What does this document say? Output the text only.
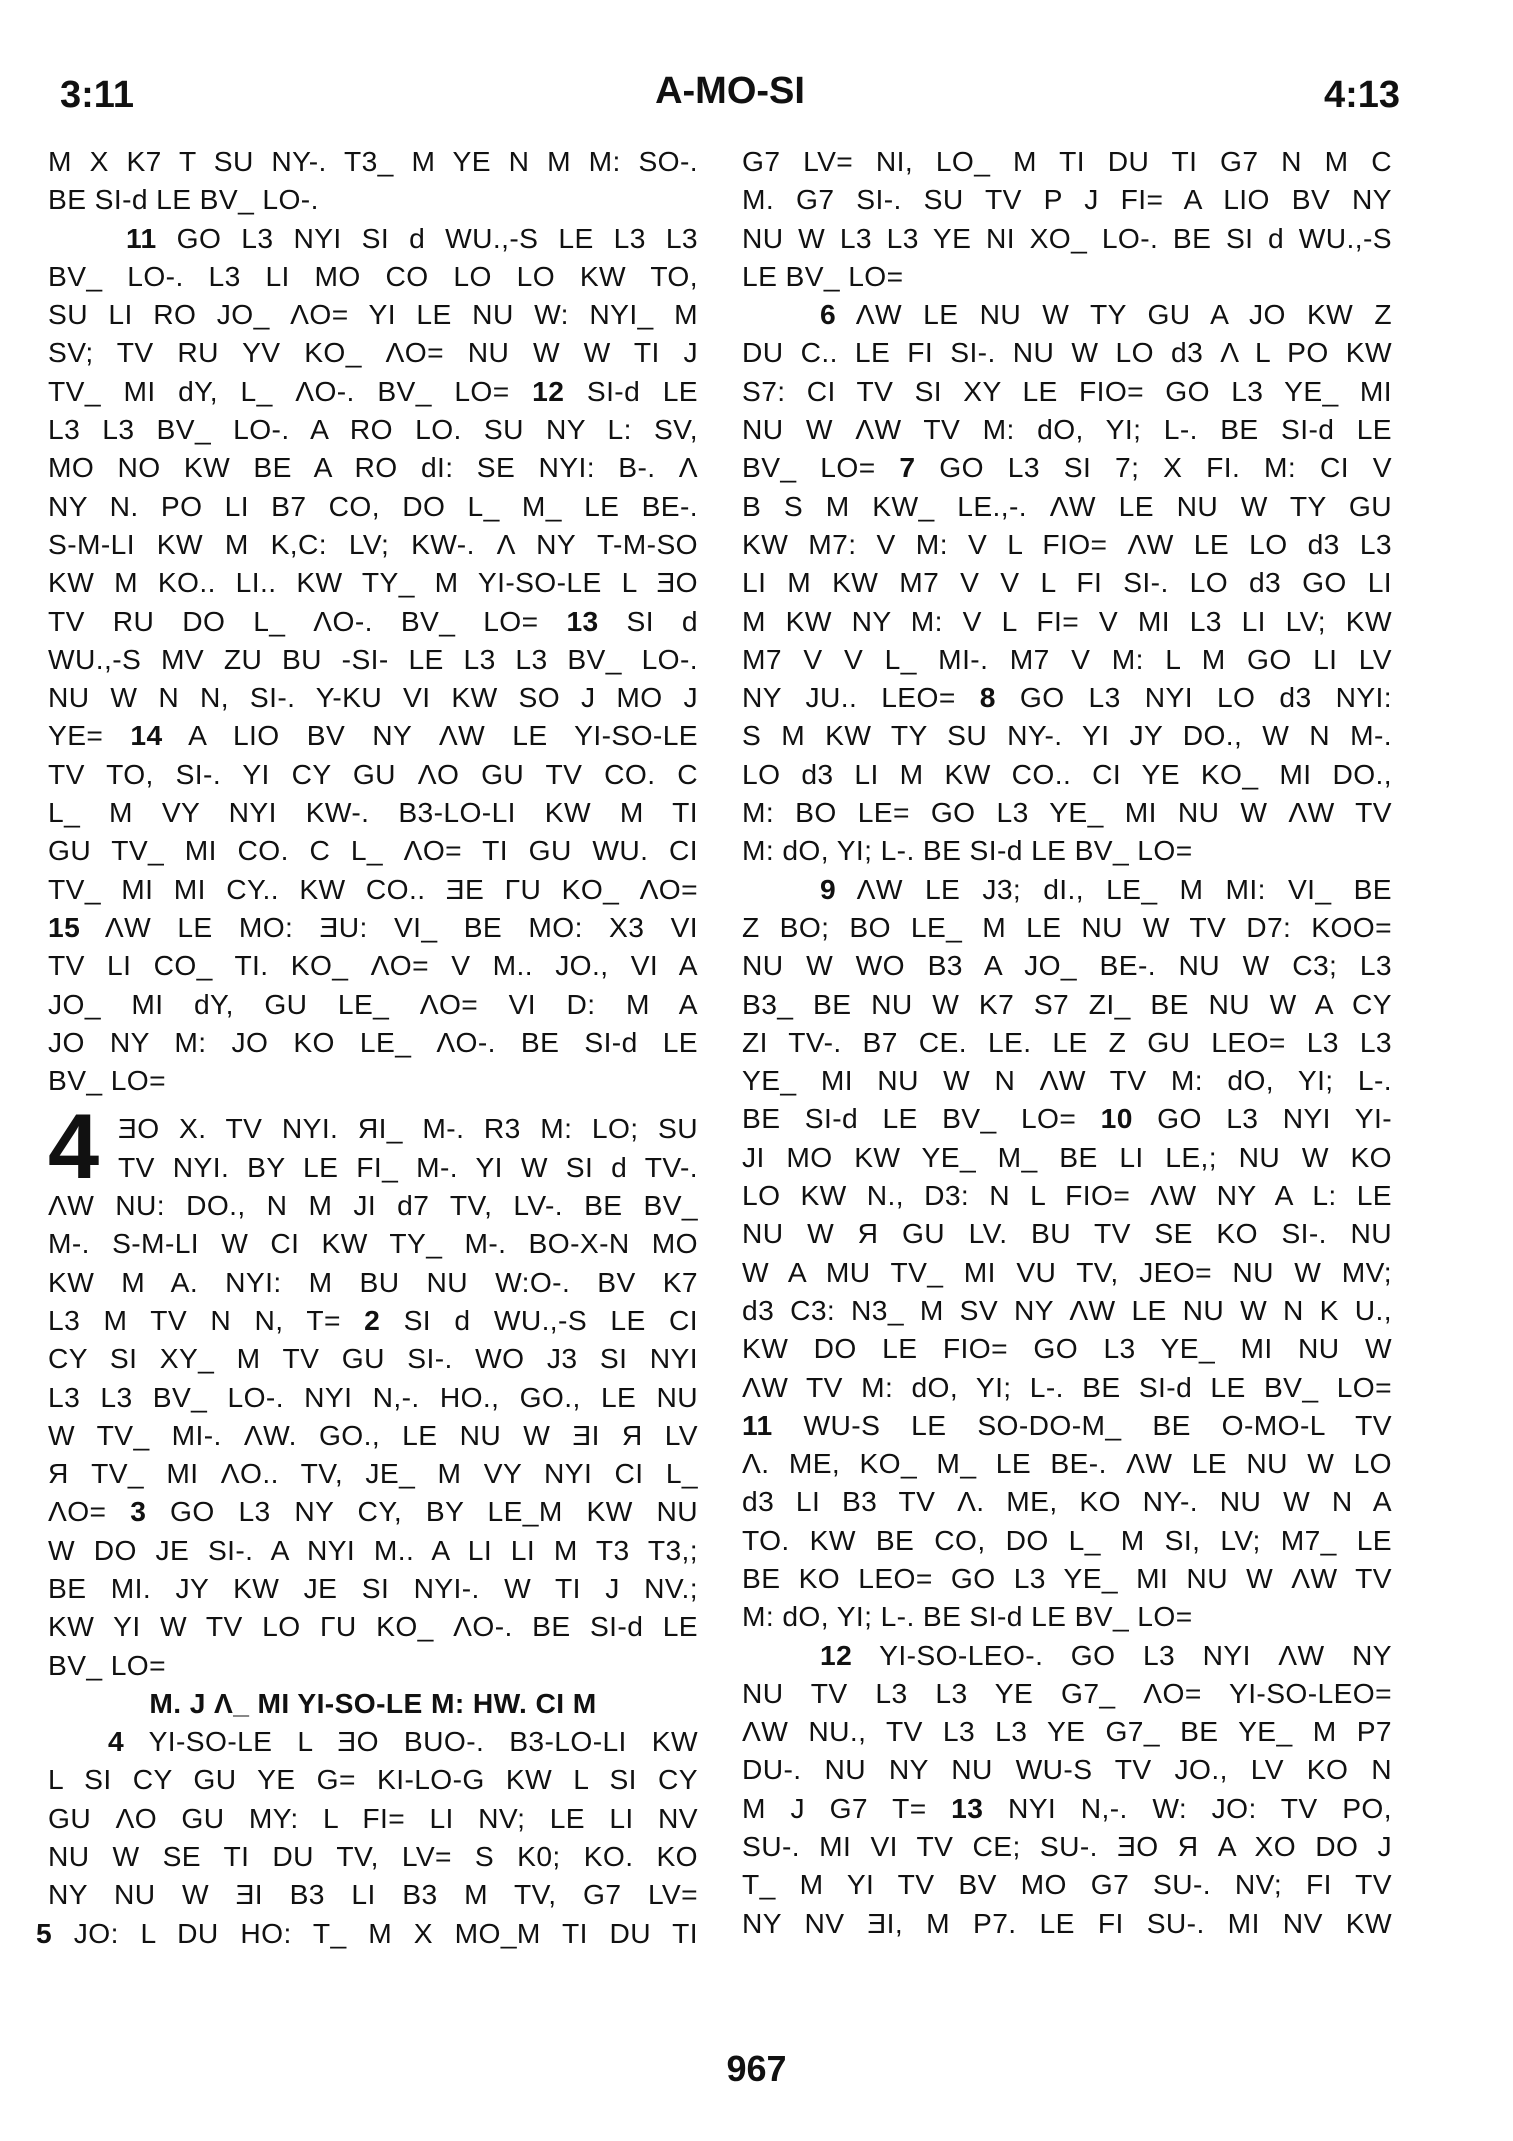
3:11	A-MO-SI	4:13
M X K7 T SU NY-. T3_ M YE N M M: SO-.
BE SI-d LE BV_ LO-.
11 GO L3 NYI SI d WU.,-S LE L3 L3
BV_ LO-. L3 LI MO CO LO LO KW TO,
SU LI RO JO_ ΛO= YI LE NU W: NYI_ M
SV; TV RU YV KO_ ΛO= NU W W TI J
TV_ MI dY, L_ ΛO-. BV_ LO= 12 SI-d LE
L3 L3 BV_ LO-. A RO LO. SU NY L: SV,
MO NO KW BE A RO dI: SE NYI: B-. Λ
NY N. PO LI B7 CO, DO L_ M_ LE BE-.
S-M-LI KW M K,C: LV; KW-. Λ NY T-M-SO
KW M KO.. LI.. KW TY_ M YI-SO-LE L ƎO
TV RU DO L_ ΛO-. BV_ LO= 13 SI d
WU.,-S MV ZU BU -SI- LE L3 L3 BV_ LO-.
NU W N N, SI-. Y-KU VI KW SO J MO J
YE= 14 A LIO BV NY ΛW LE YI-SO-LE
TV TO, SI-. YI CY GU ΛO GU TV CO. C
L_ M VY NYI KW-. B3-LO-LI KW M TI
GU TV_ MI CO. C L_ ΛO= TI GU WU. CI
TV_ MI MI CY.. KW CO.. ƎE ΓU KO_ ΛO=
15 ΛW LE MO: ƎU: VI_ BE MO: X3 VI
TV LI CO_ TI. KO_ ΛO= V M.. JO., VI A
JO_ MI dY, GU LE_ ΛO= VI D: M A
JO NY M: JO KO LE_ ΛO-. BE SI-d LE
BV_ LO=
4 ƎO X. TV NYI. ЯI_ M-. R3 M: LO; SU
TV NYI. BY LE FI_ M-. YI W SI d TV-.
ΛW NU: DO., N M JI d7 TV, LV-. BE BV_
M-. S-M-LI W CI KW TY_ M-. BO-X-N MO
KW M A. NYI: M BU NU W:O-. BV K7
L3 M TV N N, T= 2 SI d WU.,-S LE CI
CY SI XY_ M TV GU SI-. WO J3 SI NYI
L3 L3 BV_ LO-. NYI N,-. HO., GO., LE NU
W TV_ MI-. ΛW. GO., LE NU W ƎI Я LV
Я TV_ MI ΛO.. TV, JE_ M VY NYI CI L_
ΛO= 3 GO L3 NY CY, BY LE_M KW NU
W DO JE SI-. A NYI M.. A LI LI M T3 T3,;
BE MI. JY KW JE SI NYI-. W TI J NV.;
KW YI W TV LO ΓU KO_ ΛO-. BE SI-d LE
BV_ LO=
M. J Λ_ MI YI-SO-LE M: HW. CI M
4 YI-SO-LE L ƎO BUO-. B3-LO-LI KW
L SI CY GU YE G= KI-LO-G KW L SI CY
GU ΛO GU MY: L FI= LI NV; LE LI NV
NU W SE TI DU TV, LV= S K0; KO. KO
NY NU W ƎI B3 LI B3 M TV, G7 LV=
5 JO: L DU HO: T_ M X MO_M TI DU TI
G7 LV= NI, LO_ M TI DU TI G7 N M C
M. G7 SI-. SU TV P J FI= A LIO BV NY
NU W L3 L3 YE NI XO_ LO-. BE SI d WU.,-S
LE BV_ LO=
6 ΛW LE NU W TY GU A JO KW Z
DU C.. LE FI SI-. NU W LO d3 Λ L PO KW
S7: CI TV SI XY LE FIO= GO L3 YE_ MI
NU W ΛW TV M: dO, YI; L-. BE SI-d LE
BV_ LO= 7 GO L3 SI 7; X FI. M: CI V
B S M KW_ LE.,-. ΛW LE NU W TY GU
KW M7: V M: V L FIO= ΛW LE LO d3 L3
LI M KW M7 V V L FI SI-. LO d3 GO LI
M KW NY M: V L FI= V MI L3 LI LV; KW
M7 V V L_ MI-. M7 V M: L M GO LI LV
NY JU.. LEO= 8 GO L3 NYI LO d3 NYI:
S M KW TY SU NY-. YI JY DO., W N M-.
LO d3 LI M KW CO.. CI YE KO_ MI DO.,
M: BO LE= GO L3 YE_ MI NU W ΛW TV
M: dO, YI; L-. BE SI-d LE BV_ LO=
9 ΛW LE J3; dI., LE_ M MI: VI_ BE
Z BO; BO LE_ M LE NU W TV D7: KOO=
NU W WO B3 A JO_ BE-. NU W C3; L3
B3_ BE NU W K7 S7 ZI_ BE NU W A CY
ZI TV-. B7 CE. LE. LE Z GU LEO= L3 L3
YE_ MI NU W N ΛW TV M: dO, YI; L-.
BE SI-d LE BV_ LO= 10 GO L3 NYI YI-
JI MO KW YE_ M_ BE LI LE,; NU W KO
LO KW N., D3: N L FIO= ΛW NY A L: LE
NU W Я GU LV. BU TV SE KO SI-. NU
W A MU TV_ MI VU TV, JEO= NU W MV;
d3 C3: N3_ M SV NY ΛW LE NU W N K U.,
KW DO LE FIO= GO L3 YE_ MI NU W
ΛW TV M: dO, YI; L-. BE SI-d LE BV_ LO=
11 WU-S LE SO-DO-M_ BE O-MO-L TV
Λ. ME, KO_ M_ LE BE-. ΛW LE NU W LO
d3 LI B3 TV Λ. ME, KO NY-. NU W N A
TO. KW BE CO, DO L_ M SI, LV; M7_ LE
BE KO LEO= GO L3 YE_ MI NU W ΛW TV
M: dO, YI; L-. BE SI-d LE BV_ LO=
12 YI-SO-LEO-. GO L3 NYI ΛW NY
NU TV L3 L3 YE G7_ ΛO= YI-SO-LEO=
ΛW NU., TV L3 L3 YE G7_ BE YE_ M P7
DU-. NU NY NU WU-S TV JO., LV KO N
M J G7 T= 13 NYI N,-. W: JO: TV PO,
SU-. MI VI TV CE; SU-. ƎO Я A XO DO J
T_ M YI TV BV MO G7 SU-. NV; FI TV
NY NV ƎI, M P7. LE FI SU-. MI NV KW
967
